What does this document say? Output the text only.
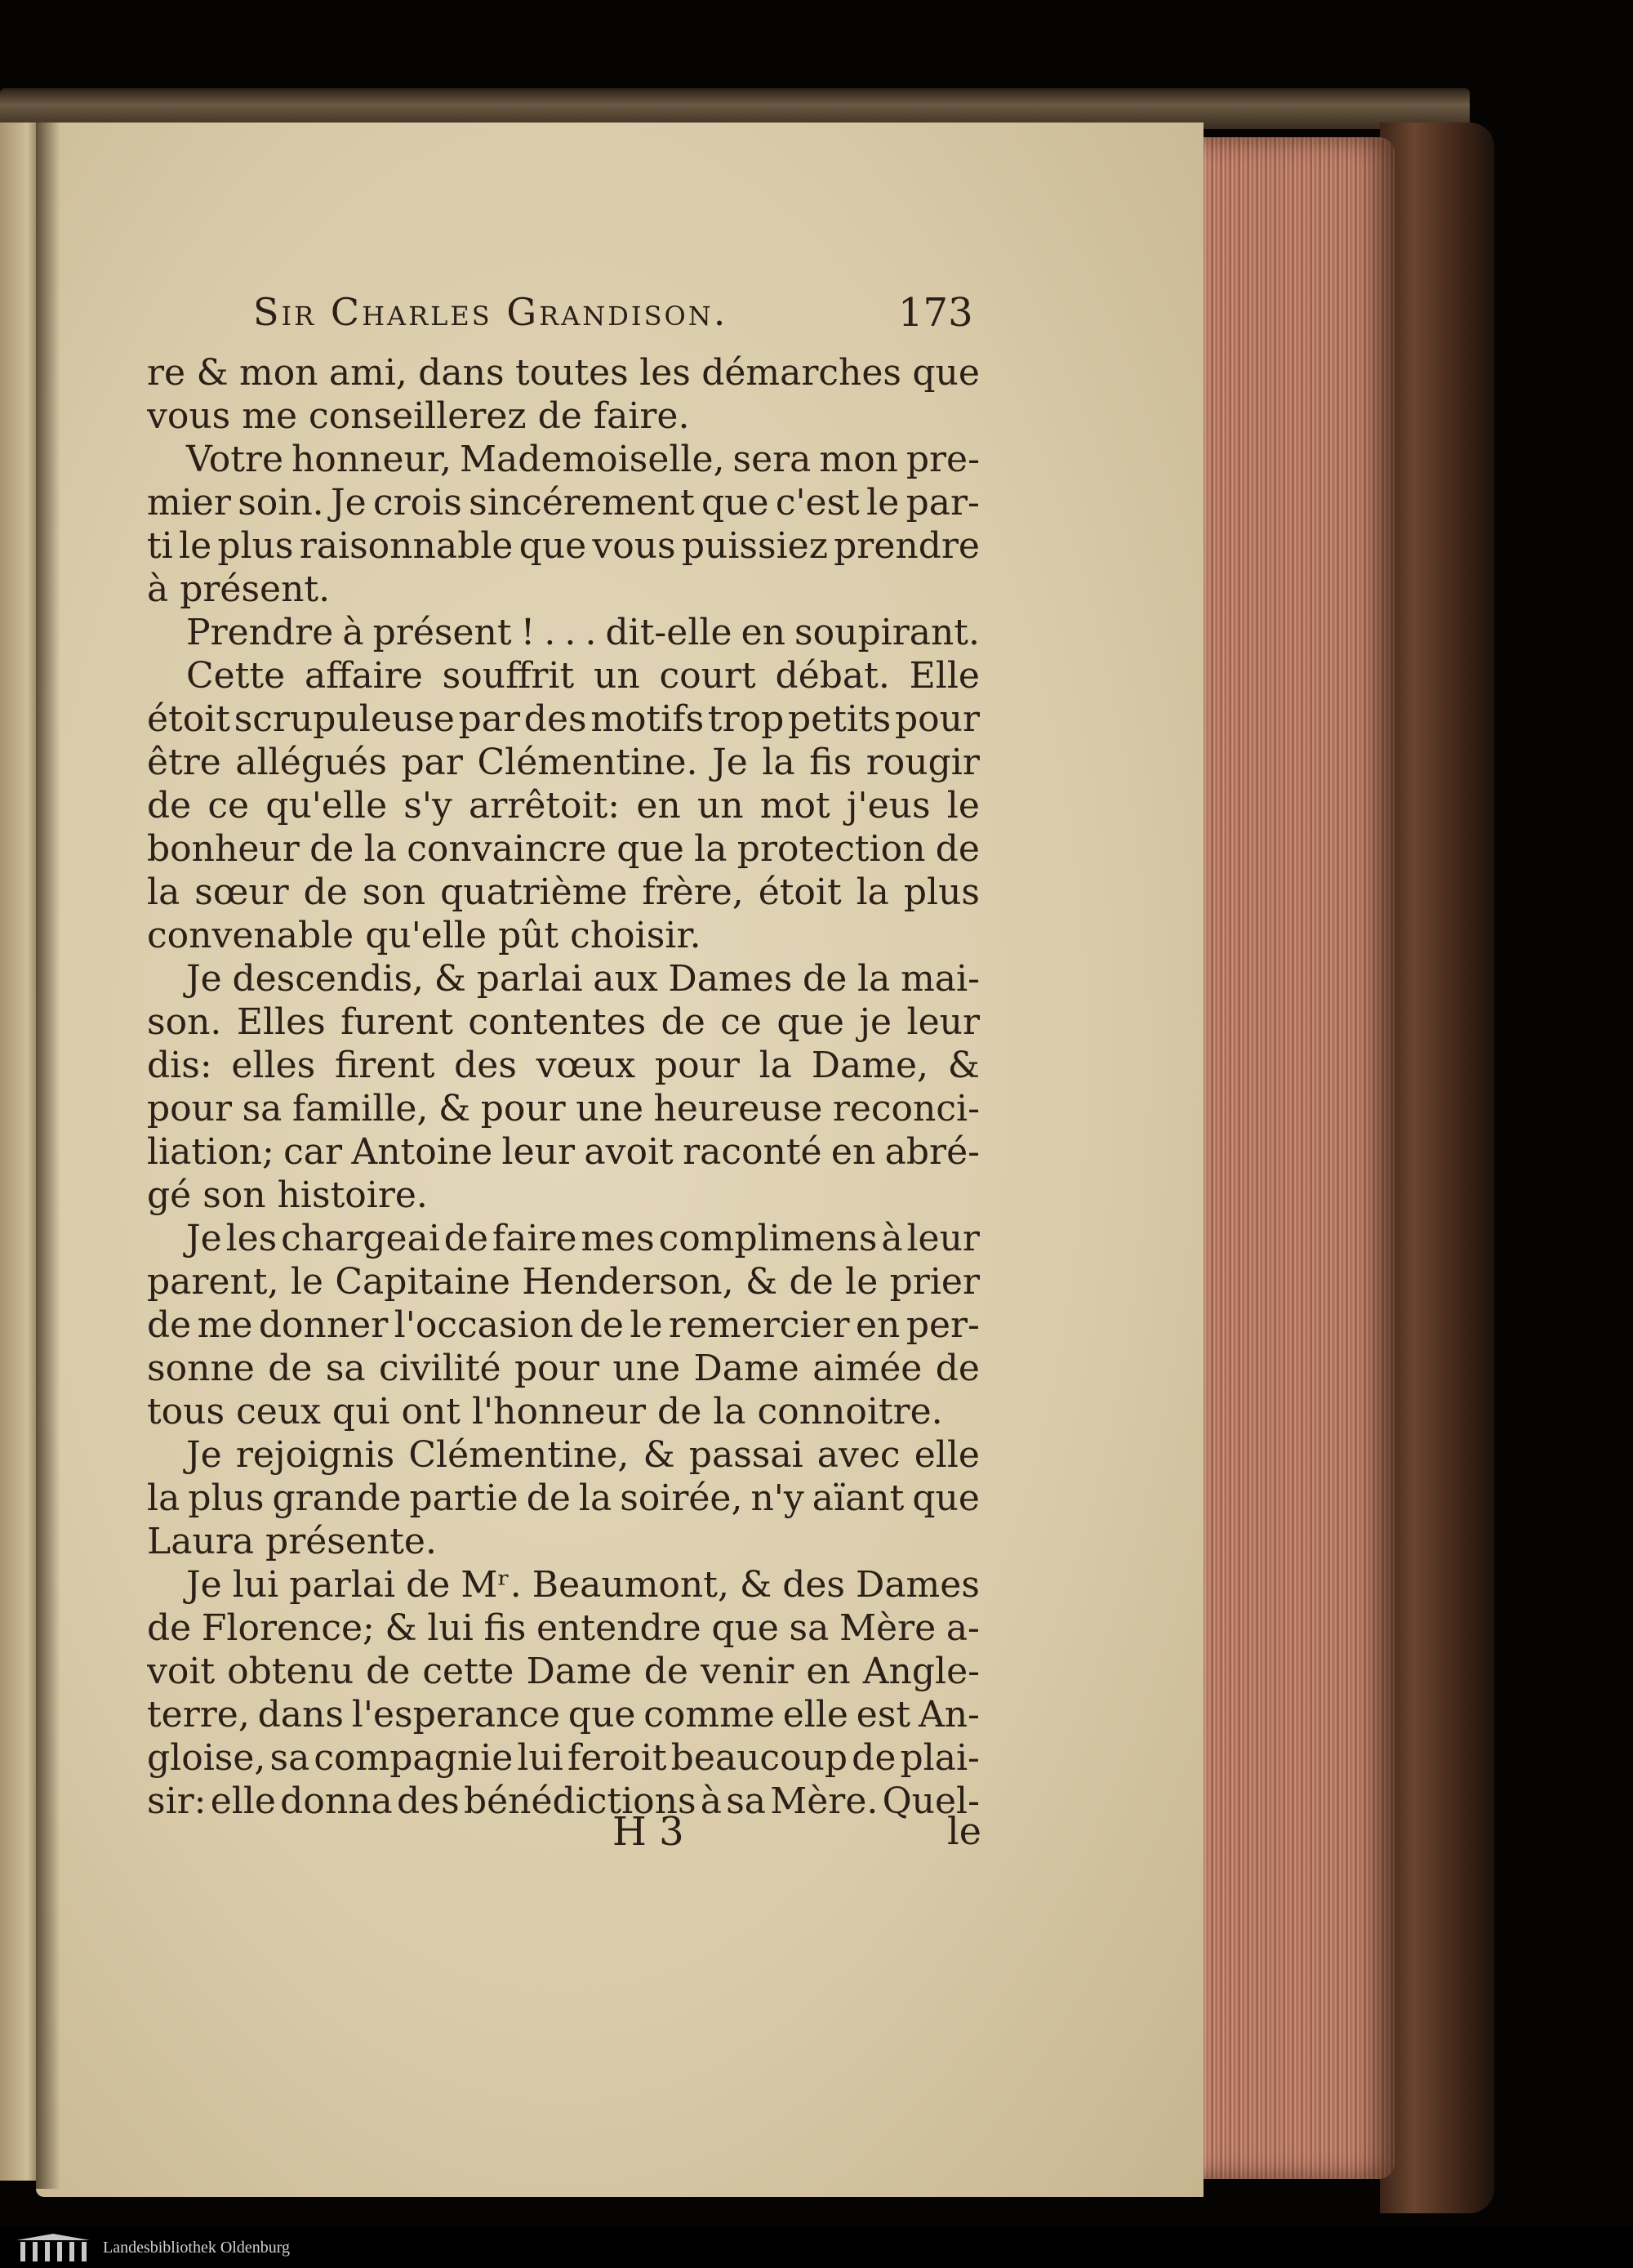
Sir Charles Grandison.	173
re & mon ami, dans toutes les démarches que
vous me conseillerez de faire.
Votre honneur, Mademoiselle, sera mon pre-
mier soin. Je crois sincérement que c'est le par-
ti le plus raisonnable que vous puissiez prendre
à présent.
Prendre à présent ! . . . dit-elle en soupirant.
Cette affaire souffrit un court débat. Elle
étoit scrupuleuse par des motifs trop petits pour
être allégués par Clémentine. Je la fis rougir
de ce qu'elle s'y arrêtoit: en un mot j'eus le
bonheur de la convaincre que la protection de
la sœur de son quatrième frère, étoit la plus
convenable qu'elle pût choisir.
Je descendis, & parlai aux Dames de la mai-
son. Elles furent contentes de ce que je leur
dis: elles firent des vœux pour la Dame, &
pour sa famille, & pour une heureuse reconci-
liation; car Antoine leur avoit raconté en abré-
gé son histoire.
Je les chargeai de faire mes complimens à leur
parent, le Capitaine Henderson, & de le prier
de me donner l'occasion de le remercier en per-
sonne de sa civilité pour une Dame aimée de
tous ceux qui ont l'honneur de la connoitre.
Je rejoignis Clémentine, & passai avec elle
la plus grande partie de la soirée, n'y aïant que
Laura présente.
Je lui parlai de Mʳ. Beaumont, & des Dames
de Florence; & lui fis entendre que sa Mère a-
voit obtenu de cette Dame de venir en Angle-
terre, dans l'esperance que comme elle est An-
gloise, sa compagnie lui feroit beaucoup de plai-
sir: elle donna des bénédictions à sa Mère. Quel-
H 3	le
Landesbibliothek Oldenburg
